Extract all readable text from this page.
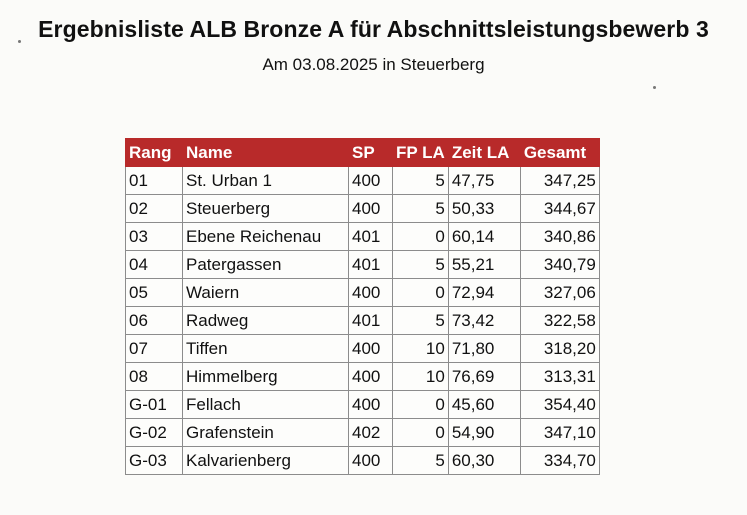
Ergebnisliste ALB Bronze A für Abschnittsleistungsbewerb 3
Am 03.08.2025 in Steuerberg
Rang	Name	SP	FP LA	Zeit LA	Gesamt
01	St. Urban 1	400	5	47,75	347,25
02	Steuerberg	400	5	50,33	344,67
03	Ebene Reichenau	401	0	60,14	340,86
04	Patergassen	401	5	55,21	340,79
05	Waiern	400	0	72,94	327,06
06	Radweg	401	5	73,42	322,58
07	Tiffen	400	10	71,80	318,20
08	Himmelberg	400	10	76,69	313,31
G-01	Fellach	400	0	45,60	354,40
G-02	Grafenstein	402	0	54,90	347,10
G-03	Kalvarienberg	400	5	60,30	334,70
